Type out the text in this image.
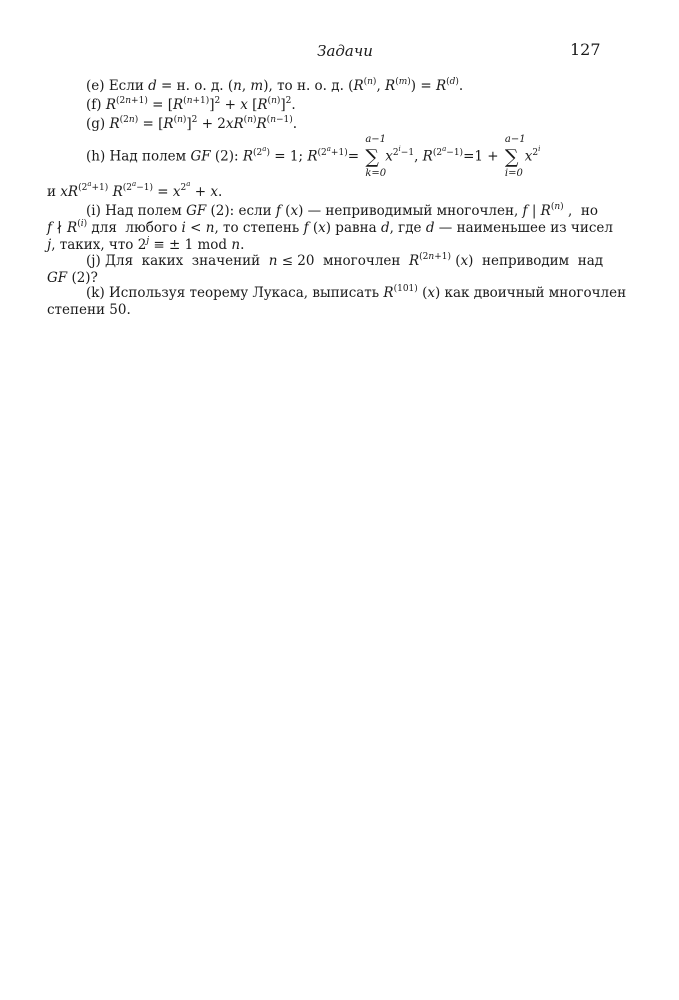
Задачи	127
(e) Если d = н. о. д. (n, m), то н. о. д. ($R^{(n)}$, $R^{(m)}) = R^{(d)}$.
(f) $R^{(2n+1)} = [R^{(n+1)}]^2 + x$ $[R^{(n)}]^2$.
(g) $R^{(2n)} = [R^{(n)}]^2 + 2xR^{(n)}R^{(n-1)}$.
(h) Над полем GF (2): $R^{(2^a)} = 1$; $R^{(2^a+1)}=$
a−1
∑
k=0
$x^{2^i-1}$, $R^{(2^a-1)}=1$ +
a−1
∑
i=0
$x^{2^i}$
и $xR^{(2^a+1)}$ $R^{(2^a-1)} = x^{2^a} + x$.
(i) Над полем GF (2): если f (x) — неприводимый многочлен, f | $R^{(n)}$ ,  но
f ∤ $R^{(i)}$ для  любого i < n, то степень f (x) равна d, где d — наименьшее из чисел
j, таких, что $2^j$ ≡ ± 1 mod n.
(j) Для  каких  значений  n ≤ 20  многочлен  $R^{(2n+1)}$ (x)  неприводим  над
GF (2)?
(k) Используя теорему Лукаса, выписать $R^{(101)}$ (x) как двоичный многочлен
степени 50.
